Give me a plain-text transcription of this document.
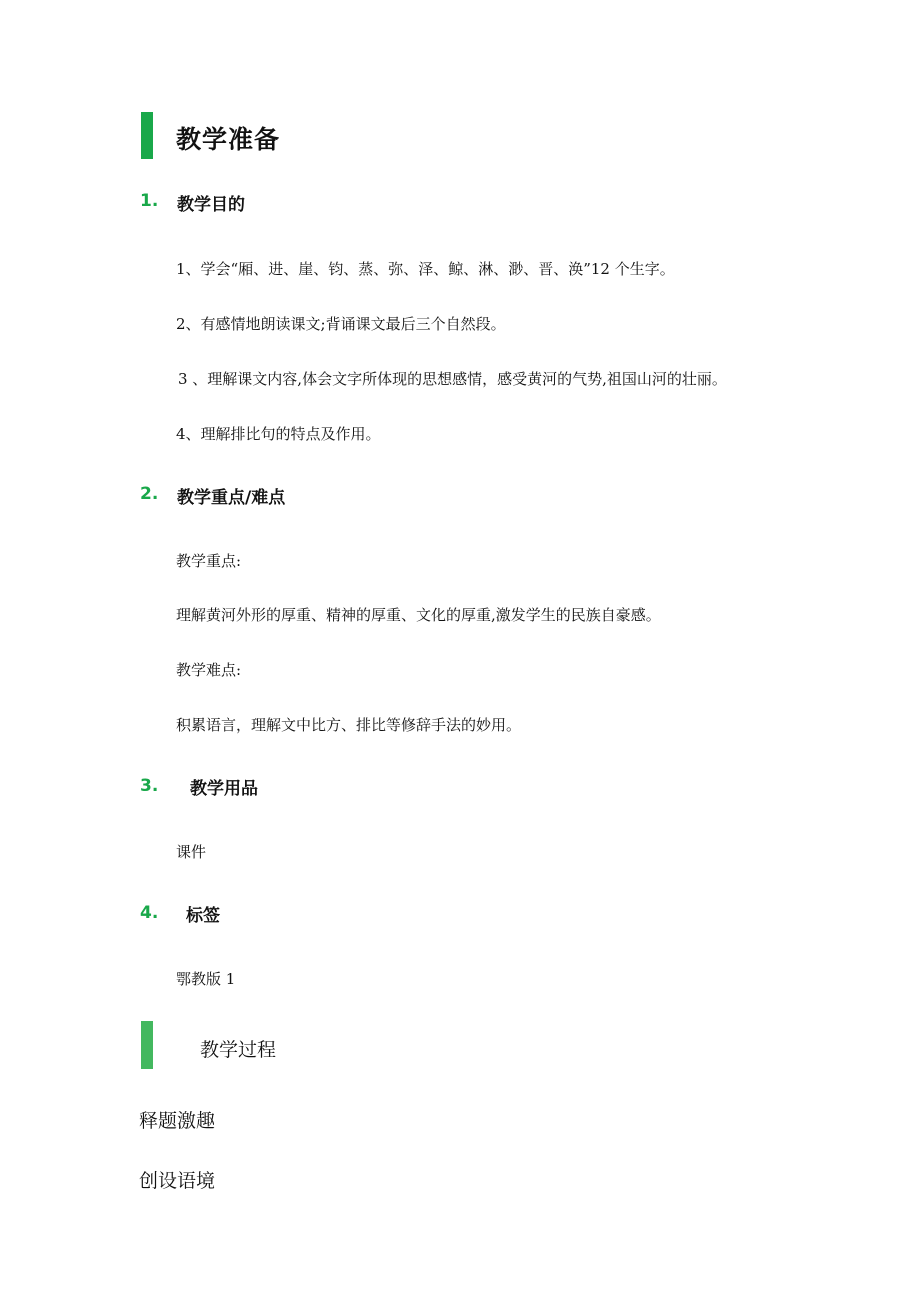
教学准备
1. 教学目的
1、学会“厢、进、崖、钧、蒸、弥、泽、鲸、淋、渺、晋、涣”12 个生字。
2、有感情地朗读课文;背诵课文最后三个自然段。
3 、理解课文内容,体会文字所体现的思想感情，感受黄河的气势,祖国山河的壮丽。
4、理解排比句的特点及作用。
2. 教学重点/难点
教学重点:
理解黄河外形的厚重、精神的厚重、文化的厚重,激发学生的民族自豪感。
教学难点:
积累语言，理解文中比方、排比等修辞手法的妙用。
3. 教学用品
课件
4. 标签
鄂教版 1
教学过程
释题激趣
创设语境
